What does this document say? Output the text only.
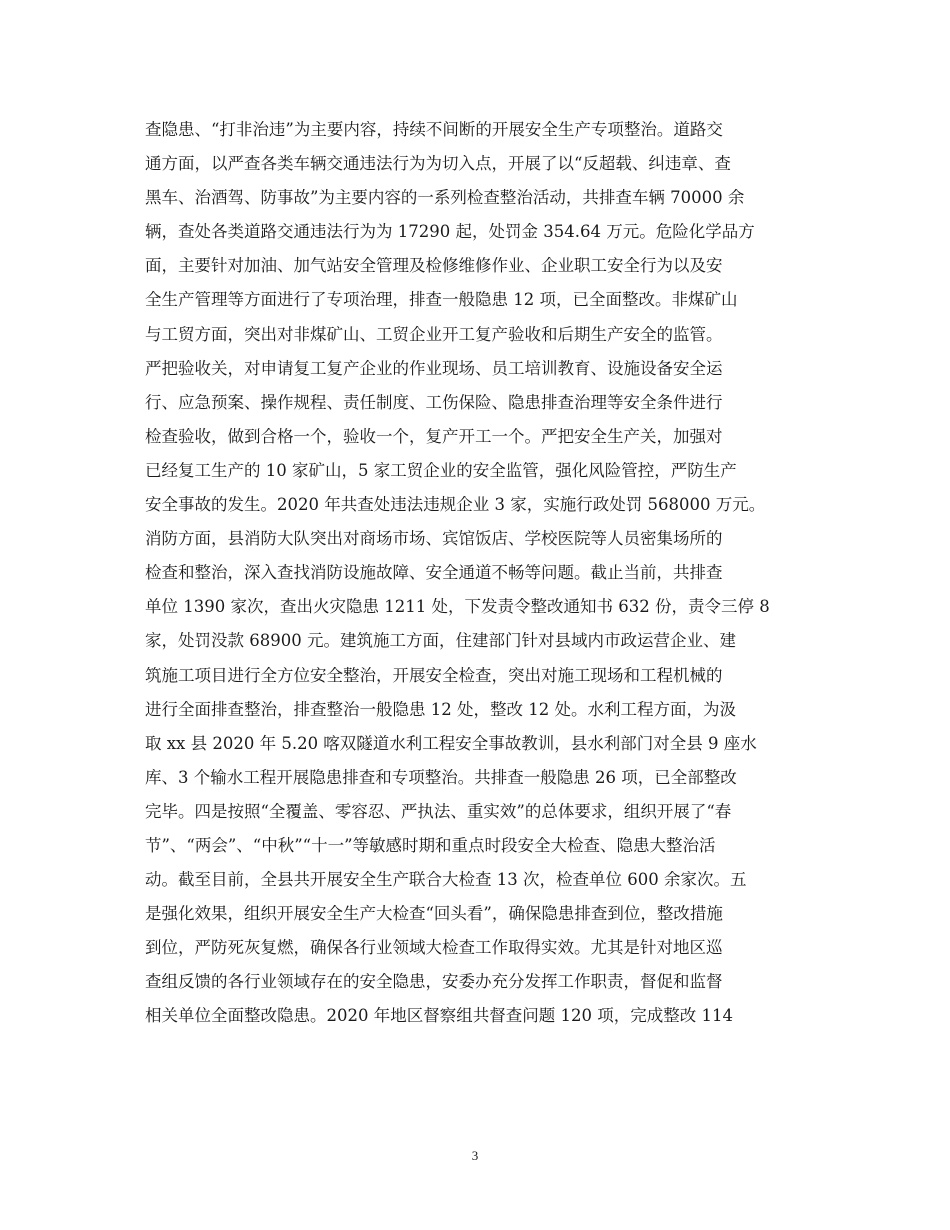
查隐患、“打非治违”为主要内容，持续不间断的开展安全生产专项整治。道路交
通方面，以严查各类车辆交通违法行为为切入点，开展了以“反超载、纠违章、查
黑车、治酒驾、防事故”为主要内容的一系列检查整治活动，共排查车辆 70000 余
辆，查处各类道路交通违法行为为 17290 起，处罚金 354.64 万元。危险化学品方
面，主要针对加油、加气站安全管理及检修维修作业、企业职工安全行为以及安
全生产管理等方面进行了专项治理，排查一般隐患 12 项，已全面整改。非煤矿山
与工贸方面，突出对非煤矿山、工贸企业开工复产验收和后期生产安全的监管。
严把验收关，对申请复工复产企业的作业现场、员工培训教育、设施设备安全运
行、应急预案、操作规程、责任制度、工伤保险、隐患排查治理等安全条件进行
检查验收，做到合格一个，验收一个，复产开工一个。严把安全生产关，加强对
已经复工生产的 10 家矿山，5 家工贸企业的安全监管，强化风险管控，严防生产
安全事故的发生。2020 年共查处违法违规企业 3 家，实施行政处罚 568000 万元。
消防方面，县消防大队突出对商场市场、宾馆饭店、学校医院等人员密集场所的
检查和整治，深入查找消防设施故障、安全通道不畅等问题。截止当前，共排查
单位 1390 家次，查出火灾隐患 1211 处，下发责令整改通知书 632 份，责令三停 8
家，处罚没款 68900 元。建筑施工方面，住建部门针对县域内市政运营企业、建
筑施工项目进行全方位安全整治，开展安全检查，突出对施工现场和工程机械的
进行全面排查整治，排查整治一般隐患 12 处，整改 12 处。水利工程方面，为汲
取 xx 县 2020 年 5.20 喀双隧道水利工程安全事故教训，县水利部门对全县 9 座水
库、3 个输水工程开展隐患排查和专项整治。共排查一般隐患 26 项，已全部整改
完毕。四是按照“全覆盖、零容忍、严执法、重实效”的总体要求，组织开展了“春
节”、“两会”、“中秋”“十一”等敏感时期和重点时段安全大检查、隐患大整治活
动。截至目前，全县共开展安全生产联合大检查 13 次，检查单位 600 余家次。五
是强化效果，组织开展安全生产大检查“回头看”，确保隐患排查到位，整改措施
到位，严防死灰复燃，确保各行业领域大检查工作取得实效。尤其是针对地区巡
查组反馈的各行业领域存在的安全隐患，安委办充分发挥工作职责，督促和监督
相关单位全面整改隐患。2020 年地区督察组共督查问题 120 项，完成整改 114
3
